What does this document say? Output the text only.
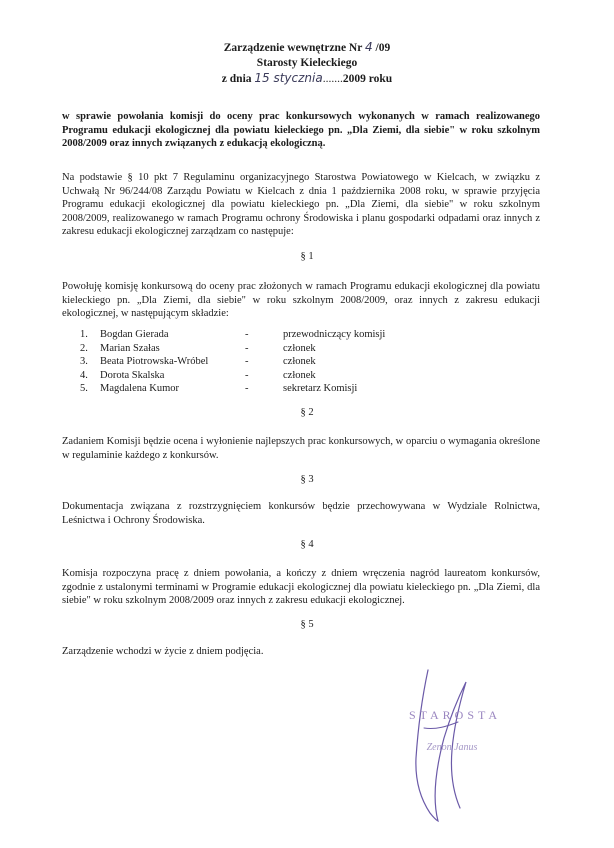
Zarządzenie wewnętrzne Nr 4 /09
Starosty Kieleckiego
z dnia 15 stycznia.......2009 roku
w sprawie powołania komisji do oceny prac konkursowych wykonanych w ramach realizowanego Programu edukacji ekologicznej dla powiatu kieleckiego pn. „Dla Ziemi, dla siebie" w roku szkolnym 2008/2009 oraz innych związanych z edukacją ekologiczną.
Na podstawie § 10 pkt 7 Regulaminu organizacyjnego Starostwa Powiatowego w Kielcach, w związku z Uchwałą Nr 96/244/08 Zarządu Powiatu w Kielcach z dnia 1 października 2008 roku, w sprawie przyjęcia Programu edukacji ekologicznej dla powiatu kieleckiego pn. „Dla Ziemi, dla siebie" w roku szkolnym 2008/2009, realizowanego w ramach Programu ochrony Środowiska i planu gospodarki odpadami oraz innych z zakresu edukacji ekologicznej zarządzam co następuje:
§ 1
Powołuję komisję konkursową do oceny prac złożonych w ramach Programu edukacji ekologicznej dla powiatu kieleckiego pn. „Dla Ziemi, dla siebie" w roku szkolnym 2008/2009, oraz innych z zakresu edukacji ekologicznej, w następującym składzie:
1.	Bogdan Gierada	-	przewodniczący komisji
2.	Marian Szałas	-	członek
3.	Beata Piotrowska-Wróbel	-	członek
4.	Dorota Skalska	-	członek
5.	Magdalena Kumor	-	sekretarz Komisji
§ 2
Zadaniem Komisji będzie ocena i wyłonienie najlepszych prac konkursowych, w oparciu o wymagania określone w regulaminie każdego z konkursów.
§ 3
Dokumentacja związana z rozstrzygnięciem konkursów będzie przechowywana w Wydziale Rolnictwa, Leśnictwa i Ochrony Środowiska.
§ 4
Komisja rozpoczyna pracę z dniem powołania, a kończy z dniem wręczenia nagród laureatom konkursów, zgodnie z ustalonymi terminami w Programie edukacji ekologicznej dla powiatu kieleckiego pn. „Dla Ziemi, dla siebie" w roku szkolnym 2008/2009 oraz innych z zakresu edukacji ekologicznej.
§ 5
Zarządzenie wchodzi w życie z dniem podjęcia.
STAROSTA
Zenon Janus
